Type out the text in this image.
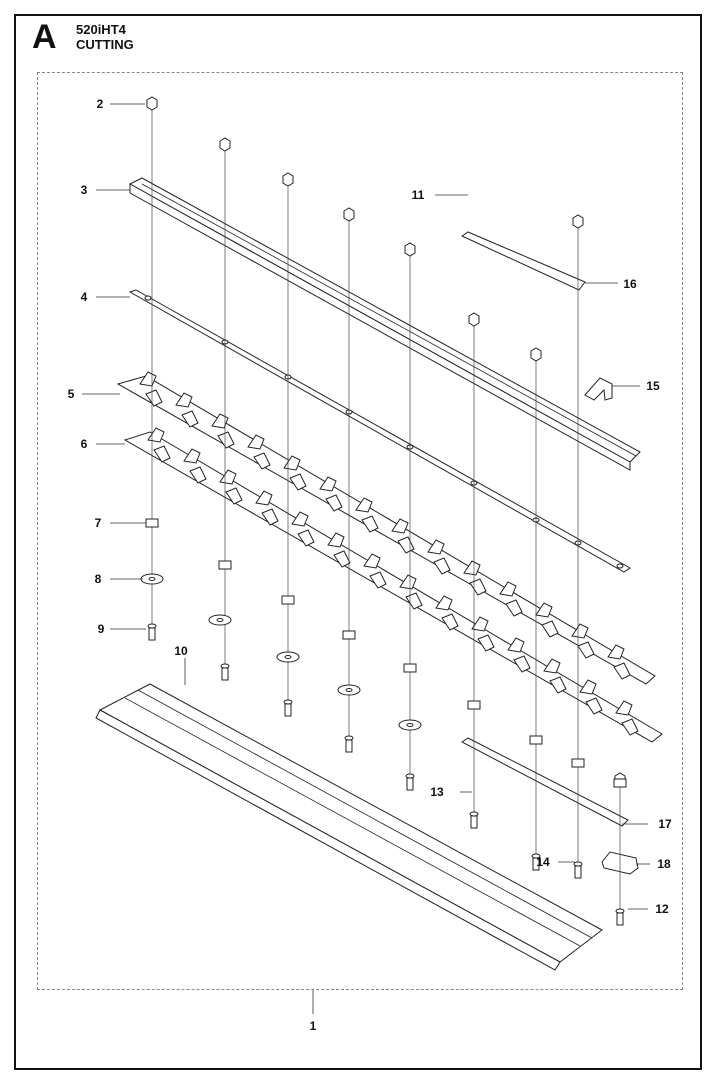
A 520iHT4
CUTTING
1
2
3
4
5
6
7
8
9
10
11
12
13
14
15
16
17
18
